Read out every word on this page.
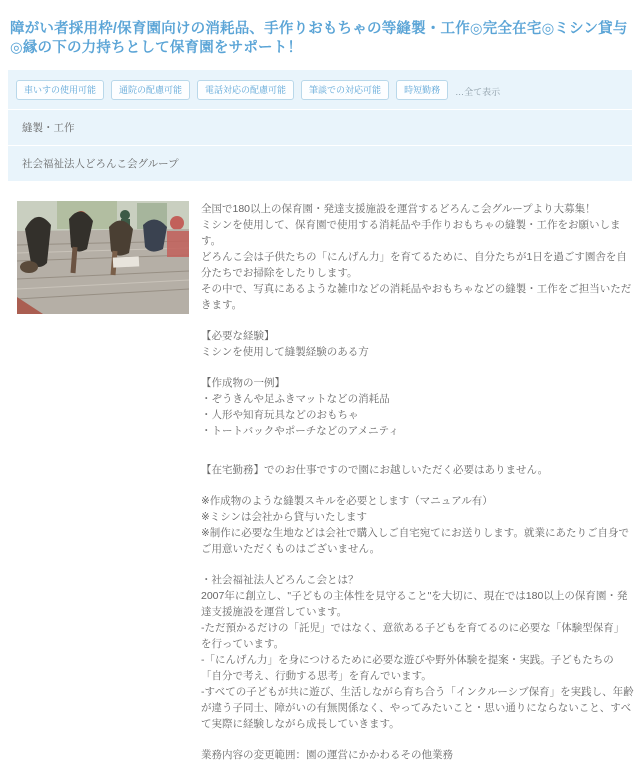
障がい者採用枠/保育園向けの消耗品、手作りおもちゃの等縫製・工作◎完全在宅◎ミシン貸与◎縁の下の力持ちとして保育園をサポート！
車いすの使用可能	通院の配慮可能	電話対応の配慮可能	筆談での対応可能	時短勤務	…全て表示
縫製・工作
社会福祉法人どろんこ会グループ
全国で180以上の保育園・発達支援施設を運営するどろんこ会グループより大募集！
ミシンを使用して、保育園で使用する消耗品や手作りおもちゃの縫製・工作をお願いします。
どろんこ会は子供たちの「にんげん力」を育てるために、自分たちが1日を過ごす園舎を自分たちでお掃除をしたりします。
その中で、写真にあるような雑巾などの消耗品やおもちゃなどの縫製・工作をご担当いただきます。
【必要な経験】
ミシンを使用して縫製経験のある方
【作成物の一例】
・ぞうきんや足ふきマットなどの消耗品
・人形や知育玩具などのおもちゃ
・トートバックやポーチなどのアメニティ
【在宅勤務】でのお仕事ですので園にお越しいただく必要はありません。
※作成物のような縫製スキルを必要とします（マニュアル有）
※ミシンは会社から貸与いたします
※制作に必要な生地などは会社で購入しご自宅宛てにお送りします。就業にあたりご自身でご用意いただくものはございません。
・社会福祉法人どろんこ会とは？
2007年に創立し、"子どもの主体性を見守ること"を大切に、現在では180以上の保育園・発達支援施設を運営しています。
-ただ預かるだけの「託児」ではなく、意欲ある子どもを育てるのに必要な「体験型保育」を行っています。
-「にんげん力」を身につけるために必要な遊びや野外体験を提案・実践。子どもたちの「自分で考え、行動する思考」を育んでいます。
-すべての子どもが共に遊び、生活しながら育ち合う「インクルーシブ保育」を実践し、年齢が違う子同士、障がいの有無関係なく、やってみたいこと・思い通りにならないこと、すべて実際に経験しながら成長していきます。
業務内容の変更範囲：園の運営にかかわるその他業務
